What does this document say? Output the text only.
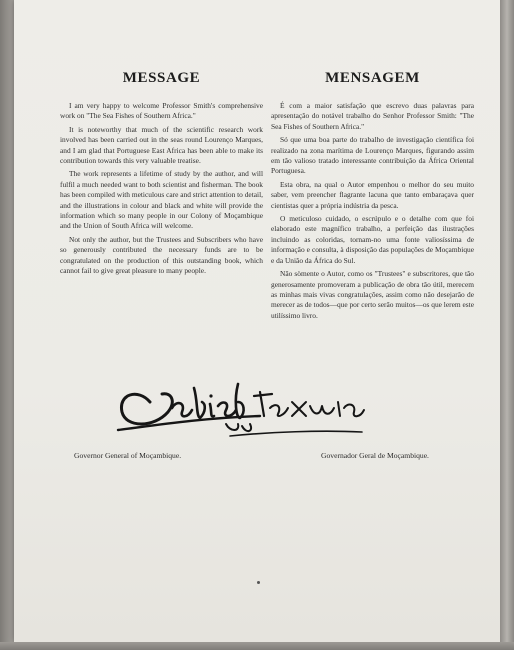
MESSAGE

I am very happy to welcome Professor Smith's comprehensive work on "The Sea Fishes of Southern Africa."

It is noteworthy that much of the scientific research work involved has been carried out in the seas round Lourenço Marques, and I am glad that Portuguese East Africa has been able to make its contribution towards this very valuable treatise.

The work represents a lifetime of study by the author, and will fulfil a much needed want to both scientist and fisherman. The book has been compiled with meticulous care and strict attention to detail, and the illustrations in colour and black and white will provide the information which so many people in our Colony of Moçambique and the Union of South Africa will welcome.

Not only the author, but the Trustees and Subscribers who have so generously contributed the necessary funds are to be congratulated on the production of this outstanding book, which cannot fail to give great pleasure to many people.

MENSAGEM

É com a maior satisfação que escrevo duas palavras para apresentação do notável trabalho do Senhor Professor Smith: "The Sea Fishes of Southern Africa."

Só que uma boa parte do trabalho de investigação científica foi realizado na zona marítima de Lourenço Marques, figurando assim em tão valioso tratado interessante contribuição da África Oriental Portuguesa.

Esta obra, na qual o Autor empenhou o melhor do seu muito saber, vem preencher flagrante lacuna que tanto embaraçava quer cientistas quer a própria indústria da pesca.

O meticuloso cuidado, o escrúpulo e o detalhe com que foi elaborado este magnífico trabalho, a perfeição das ilustrações incluindo as coloridas, tornam-no uma fonte valiosíssima de informação e consulta, à disposição das populações de Moçambique e da União da África do Sul.

Não sòmente o Autor, como os "Trustees" e subscritores, que tão generosamente promoveram a publicação de obra tão útil, merecem as minhas mais vivas congratulações, assim como não desejarão de merecer as de todos—que por certo serão muitos—os que lerem este utilíssimo livro.

Governor General of Moçambique.	Governador Geral de Moçambique.
